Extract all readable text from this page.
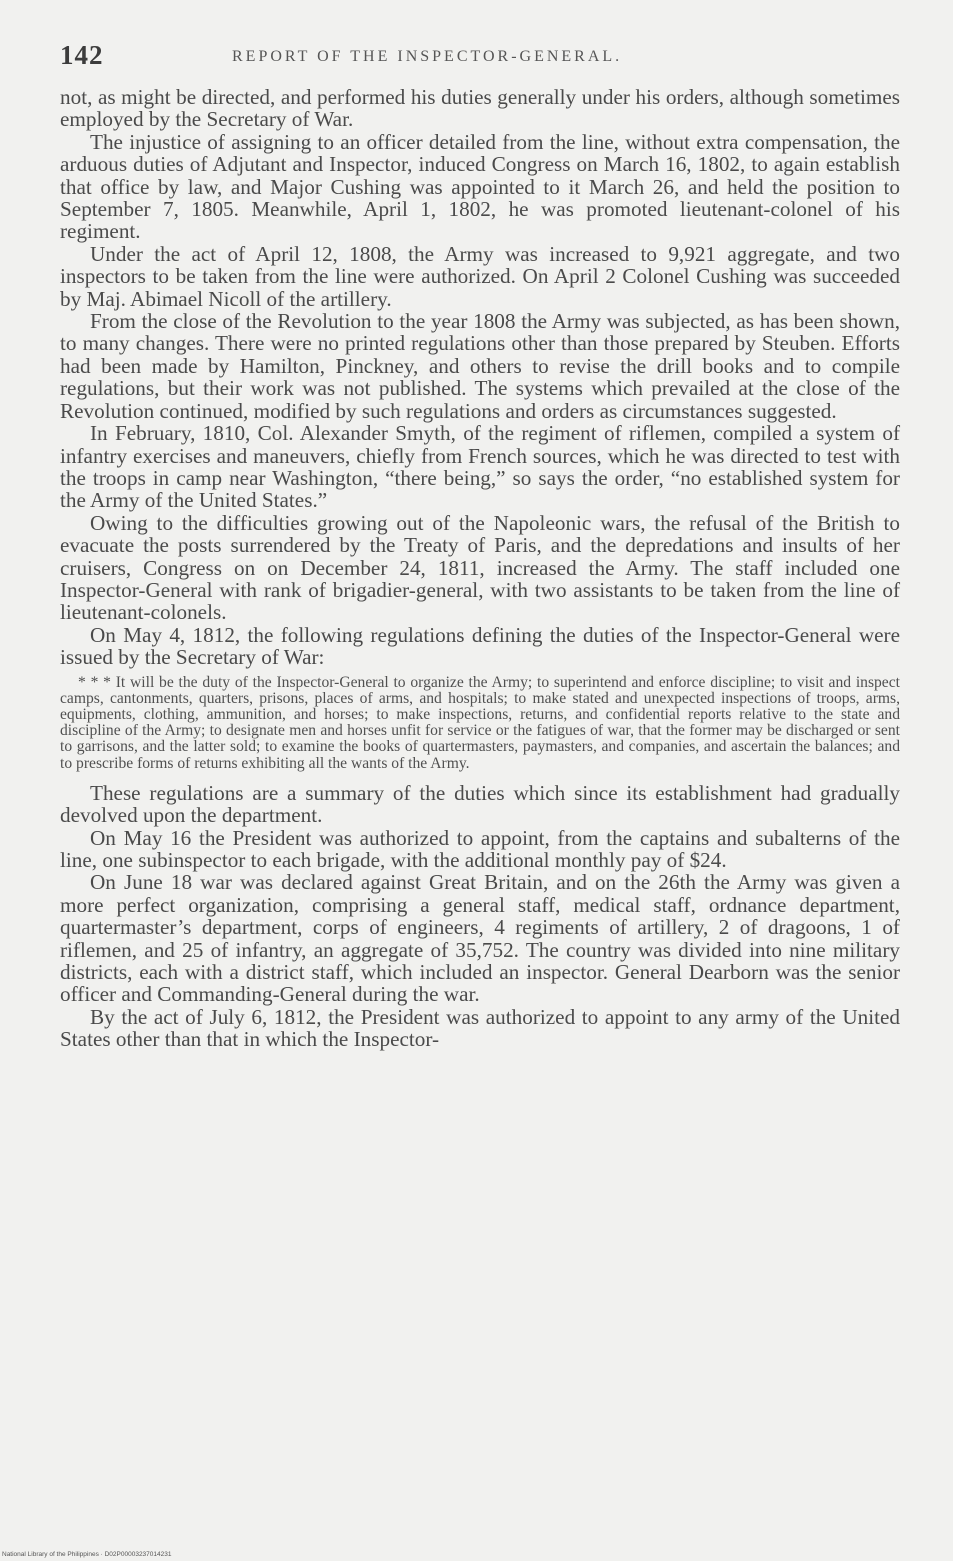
142	REPORT OF THE INSPECTOR-GENERAL.

not, as might be directed, and performed his duties generally under his orders, although sometimes employed by the Secretary of War.

The injustice of assigning to an officer detailed from the line, without extra compensation, the arduous duties of Adjutant and Inspector, induced Congress on March 16, 1802, to again establish that office by law, and Major Cushing was appointed to it March 26, and held the position to September 7, 1805. Meanwhile, April 1, 1802, he was promoted lieutenant-colonel of his regiment.

Under the act of April 12, 1808, the Army was increased to 9,921 aggregate, and two inspectors to be taken from the line were authorized. On April 2 Colonel Cushing was succeeded by Maj. Abimael Nicoll of the artillery.

From the close of the Revolution to the year 1808 the Army was subjected, as has been shown, to many changes. There were no printed regulations other than those prepared by Steuben. Efforts had been made by Hamilton, Pinckney, and others to revise the drill books and to compile regulations, but their work was not published. The systems which prevailed at the close of the Revolution continued, modified by such regulations and orders as circumstances suggested.

In February, 1810, Col. Alexander Smyth, of the regiment of riflemen, compiled a system of infantry exercises and maneuvers, chiefly from French sources, which he was directed to test with the troops in camp near Washington, “there being,” so says the order, “no established system for the Army of the United States.”

Owing to the difficulties growing out of the Napoleonic wars, the refusal of the British to evacuate the posts surrendered by the Treaty of Paris, and the depredations and insults of her cruisers, Congress on on December 24, 1811, increased the Army. The staff included one Inspector-General with rank of brigadier-general, with two assistants to be taken from the line of lieutenant-colonels.

On May 4, 1812, the following regulations defining the duties of the Inspector-General were issued by the Secretary of War:

* * * It will be the duty of the Inspector-General to organize the Army; to superintend and enforce discipline; to visit and inspect camps, cantonments, quarters, prisons, places of arms, and hospitals; to make stated and unexpected inspections of troops, arms, equipments, clothing, ammunition, and horses; to make inspections, returns, and confidential reports relative to the state and discipline of the Army; to designate men and horses unfit for service or the fatigues of war, that the former may be discharged or sent to garrisons, and the latter sold; to examine the books of quartermasters, paymasters, and companies, and ascertain the balances; and to prescribe forms of returns exhibiting all the wants of the Army.

These regulations are a summary of the duties which since its establishment had gradually devolved upon the department.

On May 16 the President was authorized to appoint, from the captains and subalterns of the line, one subinspector to each brigade, with the additional monthly pay of $24.

On June 18 war was declared against Great Britain, and on the 26th the Army was given a more perfect organization, comprising a general staff, medical staff, ordnance department, quartermaster’s department, corps of engineers, 4 regiments of artillery, 2 of dragoons, 1 of riflemen, and 25 of infantry, an aggregate of 35,752. The country was divided into nine military districts, each with a district staff, which included an inspector. General Dearborn was the senior officer and Commanding-General during the war.

By the act of July 6, 1812, the President was authorized to appoint to any army of the United States other than that in which the Inspector-

National Library of the Philippines · D02P00003237014231
